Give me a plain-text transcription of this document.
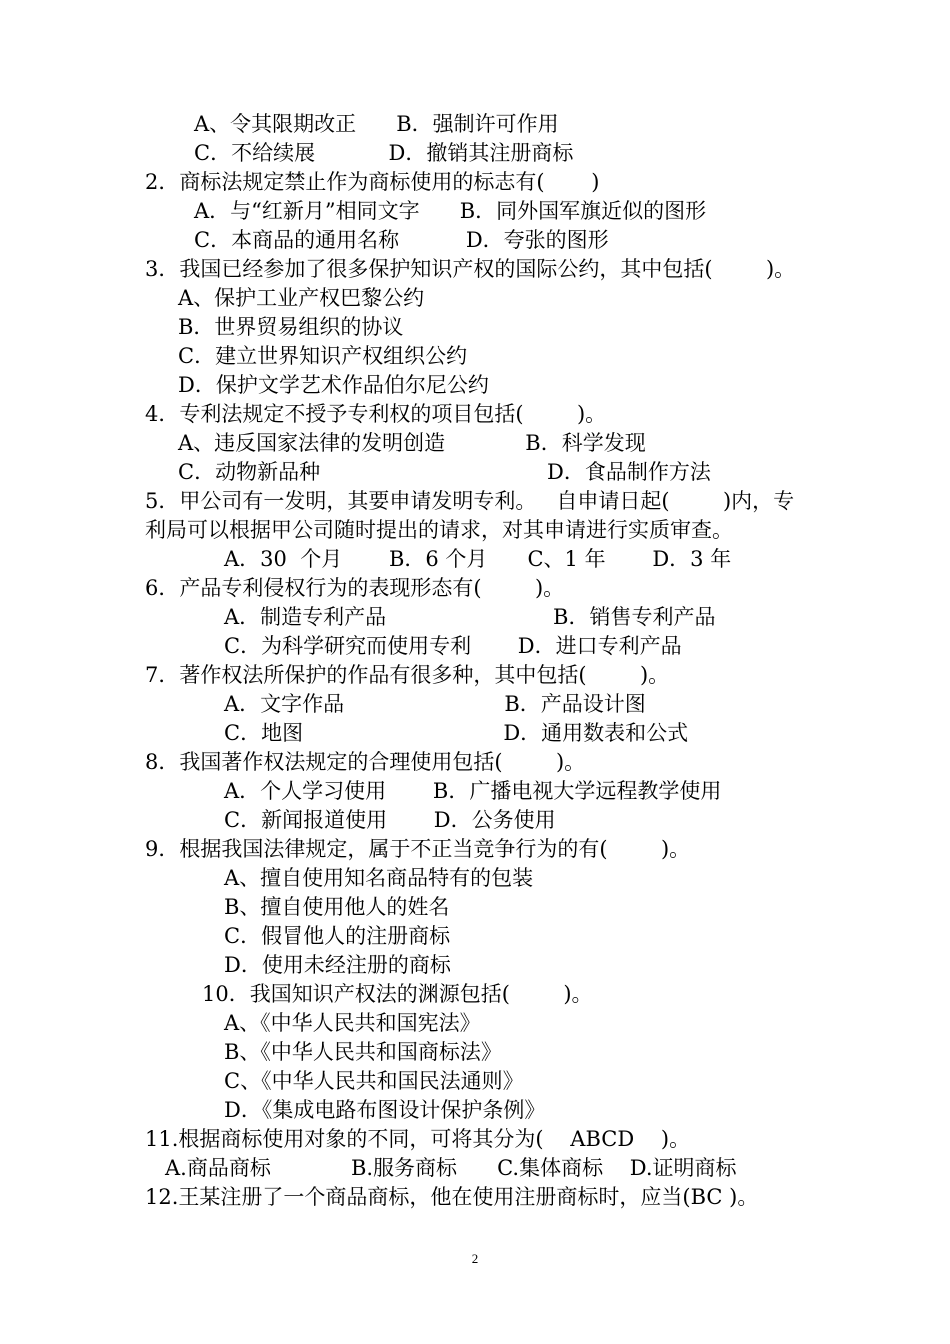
A、令其限期改正      B．强制许可作用
C．不给续展           D．撤销其注册商标
2．商标法规定禁止作为商标使用的标志有(       )
A．与“红新月”相同文字      B．同外国军旗近似的图形
C．本商品的通用名称          D．夸张的图形
3．我国已经参加了很多保护知识产权的国际公约，其中包括(        )。
A、保护工业产权巴黎公约
B．世界贸易组织的协议
C．建立世界知识产权组织公约
D．保护文学艺术作品伯尔尼公约
4．专利法规定不授予专利权的项目包括(        )。
A、违反国家法律的发明创造            B．科学发现
C．动物新品种                                  D．食品制作方法
5．甲公司有一发明，其要申请发明专利。   自申请日起(        )内，专
利局可以根据甲公司随时提出的请求，对其申请进行实质审查。
A．30  个月       B．6 个月      C、1 年       D．3 年
6．产品专利侵权行为的表现形态有(        )。
A．制造专利产品                         B．销售专利产品
C．为科学研究而使用专利       D．进口专利产品
7．著作权法所保护的作品有很多种，其中包括(        )。
A．文字作品                        B．产品设计图
C．地图                              D．通用数表和公式
8．我国著作权法规定的合理使用包括(        )。
A．个人学习使用       B．广播电视大学远程教学使用
C．新闻报道使用       D．公务使用
9．根据我国法律规定，属于不正当竞争行为的有(        )。
A、擅自使用知名商品特有的包装
B、擅自使用他人的姓名
C．假冒他人的注册商标
D．使用未经注册的商标
10．我国知识产权法的渊源包括(        )。
A、《中华人民共和国宪法》
B、《中华人民共和国商标法》
C、《中华人民共和国民法通则》
D．《集成电路布图设计保护条例》
11.根据商标使用对象的不同，可将其分为(    ABCD    )。
A.商品商标            B.服务商标      C.集体商标    D.证明商标
12.王某注册了一个商品商标，他在使用注册商标时，应当(BC )。
2
